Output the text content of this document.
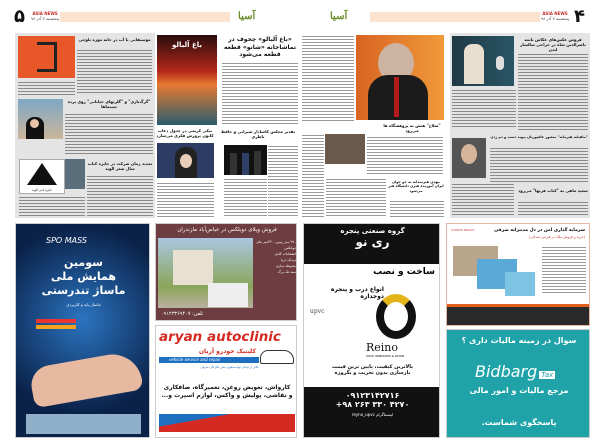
آسیا	آسیا
۵	ASIA NEWS
پنجشنبه ۷ آذر ۹۸	۴
ASIA NEWS
پنجشنبه ۷ آذر ۹۸
موسیقایی با آب در خانه موزه بلوچی
"گرگ‌بازی" و "گلریهای خیابانی" روی پرده سینماها
جایزه ادبی الوند
تمدید زمان شرکت در جایزه کتاب سال شعر الوند
باغ آلبالو
«باغ آلبالو» چخوف در تماشاخانه «شانو» قطعه قطعه می‌شود
نیکی کریمی در جدول دعاب کانون پرورش فکری می‌سازد
تقدیر مجلس کاشادار شیرانی و حافظ ناظری
"صلاح" هنش به پژوهشگاه ها می‌رود
مهدی هنرمندانه به جو جوان ایران آموزنده هنری دانشگاه هنر می‌شود
فروش عکس‌های عکاس نابغه ناصرالدین شاه در حراجی سالسار لندن
"ماهبانه هنرمانه" منصور عاشوریان پیوند دست و دم زدن
سعید ماهی به "کتاب فرتها" می‌رود
SPO MASS
سومین
همایش ملی
ماساژ تندرستی
ماساژ پایه و کاربردی
فروش ویلای دوبلکس در عباس‌آباد مازندران
۲۷۰ متر زمین، ۳۲۰متر بنای دوبلکس
انشعابات کامل
نزدیک دریا
محوطه سازی
سند تک برگ
تلفن: ۰۹۱۲۳۳۶۹۴۰۷
aryan autoclinic
کلینیک خودرو آریان
vehicle service and repair
بالاتر از میدان نواب‌صفوی نبش باقرخان شرقی
کارواش، تعویض روغن، تعمیرگاه، صافکاری و نقاشی، پولیش و واکس، لوازم اسپرت و...
گروه صنعتی پنجره
ری نو
ساخت و نصب
انواع درب و پنجره دوجداره
upvc
Reino
UPVC WINDOWS & DOOR
بالاترین کیفیت، پایین ترین قیمت
بازسازی بدون تخریب و بگروزه
۰۹۱۲۳۱۴۲۷۱۶
+۹۸ ۲۶۳ ۳۳۰ ۴۲۷۰
اینستاگرام reyno_upvc
CYPRUS REALTY	سرمایه گذاری امن در دل مدیترانه شرقی
(خرید و فروش ملک در قبرس شمالی)
سوال در زمینه مالیات داری ؟
Bidbarg Tax
مرجع مالیات و امور مالی
پاسخگوی شماست.
